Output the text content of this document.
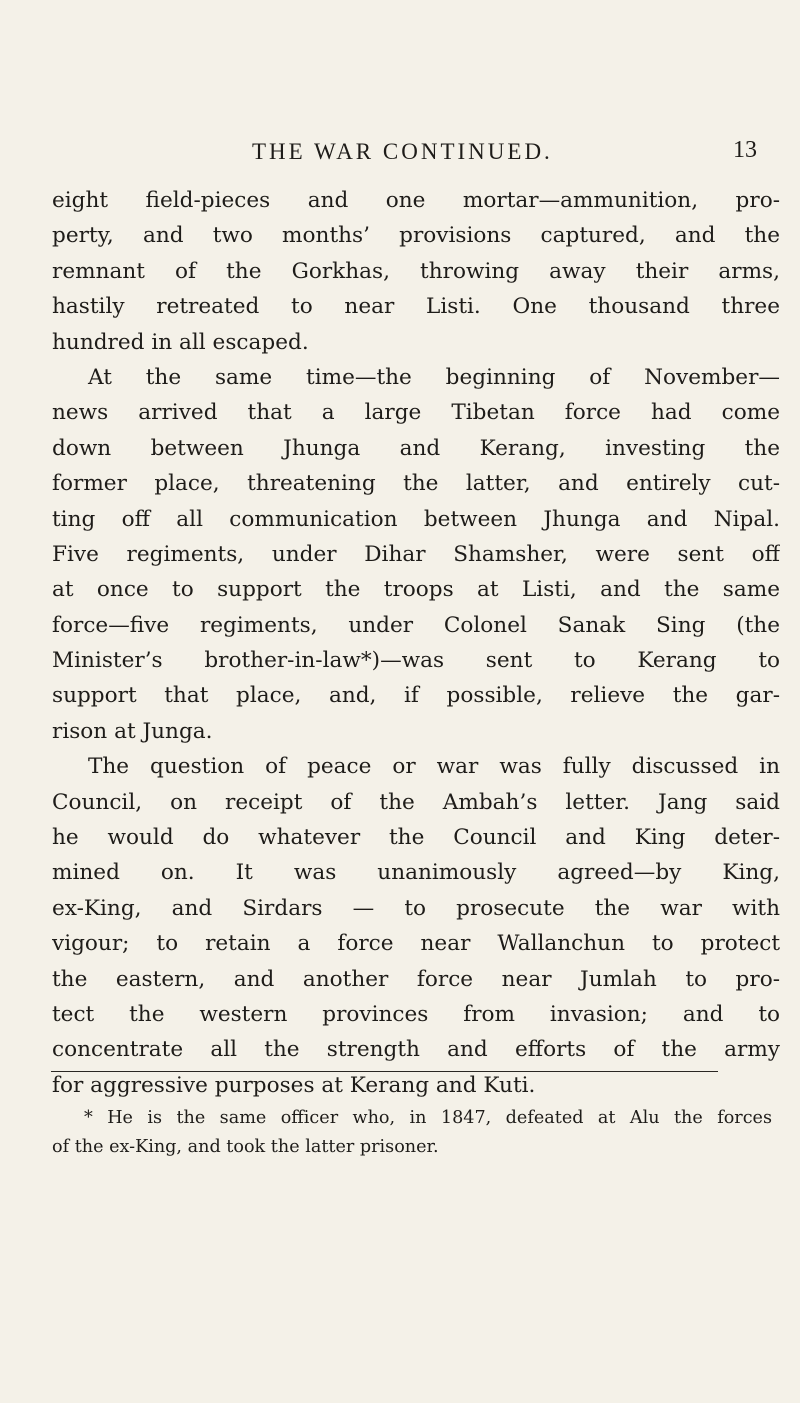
THE WAR CONTINUED.	13
eight field-pieces and one mortar—ammunition, pro-
perty, and two months’ provisions captured, and the
remnant of the Gorkhas, throwing away their arms,
hastily retreated to near Listi. One thousand three
hundred in all escaped.
At the same time—the beginning of November—
news arrived that a large Tibetan force had come
down between Jhunga and Kerang, investing the
former place, threatening the latter, and entirely cut-
ting off all communication between Jhunga and Nipal.
Five regiments, under Dihar Shamsher, were sent off
at once to support the troops at Listi, and the same
force—five regiments, under Colonel Sanak Sing (the
Minister’s brother-in-law*)—was sent to Kerang to
support that place, and, if possible, relieve the gar-
rison at Junga.
The question of peace or war was fully discussed in
Council, on receipt of the Ambah’s letter. Jang said
he would do whatever the Council and King deter-
mined on. It was unanimously agreed—by King,
ex-King, and Sirdars — to prosecute the war with
vigour; to retain a force near Wallanchun to protect
the eastern, and another force near Jumlah to pro-
tect the western provinces from invasion; and to
concentrate all the strength and efforts of the army
for aggressive purposes at Kerang and Kuti.
* He is the same officer who, in 1847, defeated at Alu the forces
of the ex-King, and took the latter prisoner.
